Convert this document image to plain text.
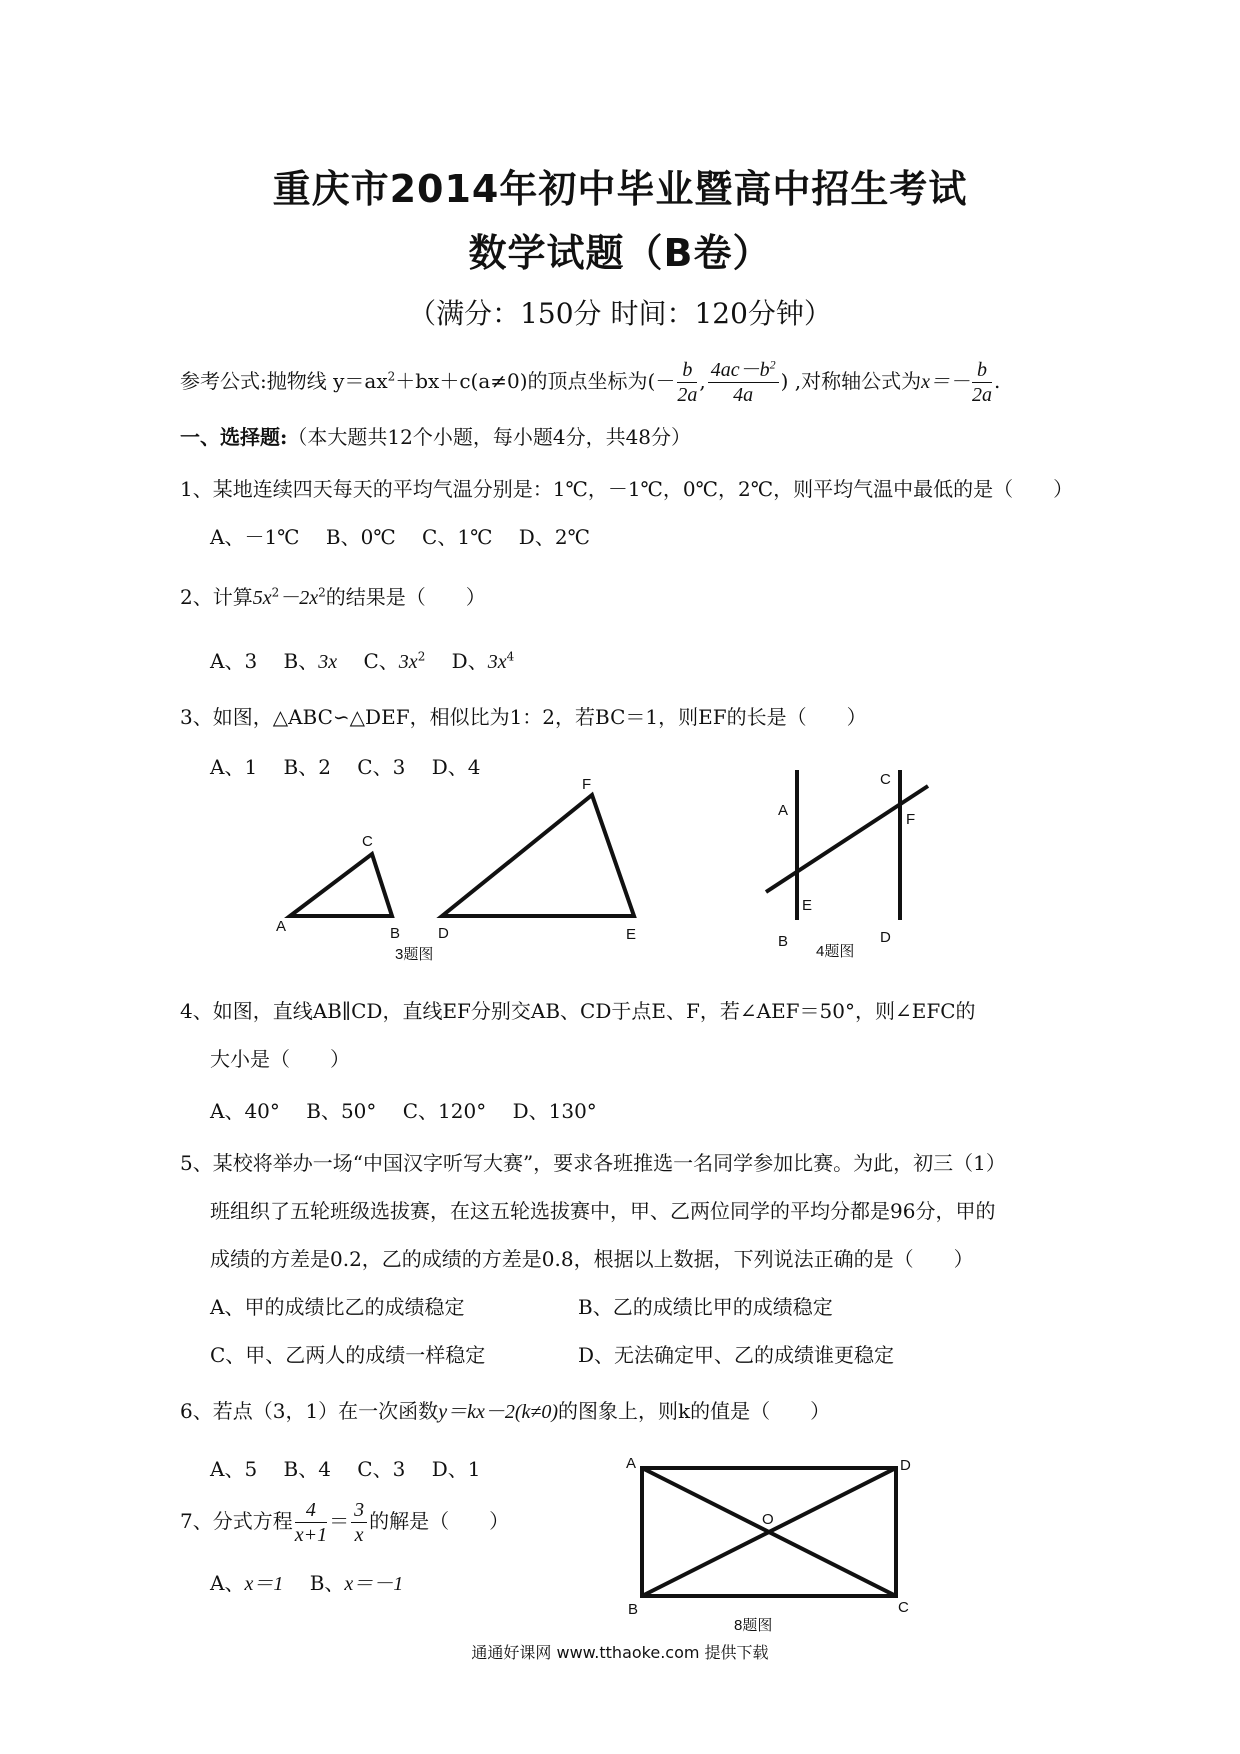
重庆市2014年初中毕业暨高中招生考试
数学试题（B卷）
（满分：150分 时间：120分钟）
参考公式:抛物线 $y=ax^2+bx+c(a\ne 0)$的顶点坐标为(－ $\frac{b}{2a}$ , $\frac{4ac-b^2}{4a}$ ) ,对称轴公式为$x=- \frac{b}{2a}$ .
一、选择题:（本大题共12个小题，每小题4分，共48分）
1、某地连续四天每天的平均气温分别是：1℃，－1℃，0℃，2℃，则平均气温中最低的是（　　）
A、－1℃　 B、0℃　 C、1℃　 D、2℃
2、计算$5x^2-2x^2$的结果是（　　）
A、3　 B、3x　 C、$3x^2$　 D、$3x^4$
3、如图，△ABC∽△DEF，相似比为1：2，若BC＝1，则EF的长是（　　）
A、1　 B、2　 C、3　 D、4
A	B
C
D	E
F
3题图
A
B
C
D
E
F
4题图
4、如图，直线AB∥CD，直线EF分别交AB、CD于点E、F，若∠AEF＝50°，则∠EFC的
大小是（　　）
A、40°　 B、50°　 C、120°　 D、130°
5、某校将举办一场“中国汉字听写大赛”，要求各班推选一名同学参加比赛。为此，初三（1）
班组织了五轮班级选拔赛，在这五轮选拔赛中，甲、乙两位同学的平均分都是96分，甲的
成绩的方差是0.2，乙的成绩的方差是0.8，根据以上数据，下列说法正确的是（　　）
A、甲的成绩比乙的成绩稳定	B、乙的成绩比甲的成绩稳定
C、甲、乙两人的成绩一样稳定	D、无法确定甲、乙的成绩谁更稳定
6、若点（3，1）在一次函数y＝kx－2(k≠0)的图象上，则k的值是（　　）
A、5　 B、4　 C、3　 D、1
7、分式方程 $\frac{4}{x+1} = \frac{3}{x}$ 的解是（　　）
A、x＝1　 B、x＝－1
A
B	C
D
O
8题图
通通好课网 www.tthaoke.com 提供下载
